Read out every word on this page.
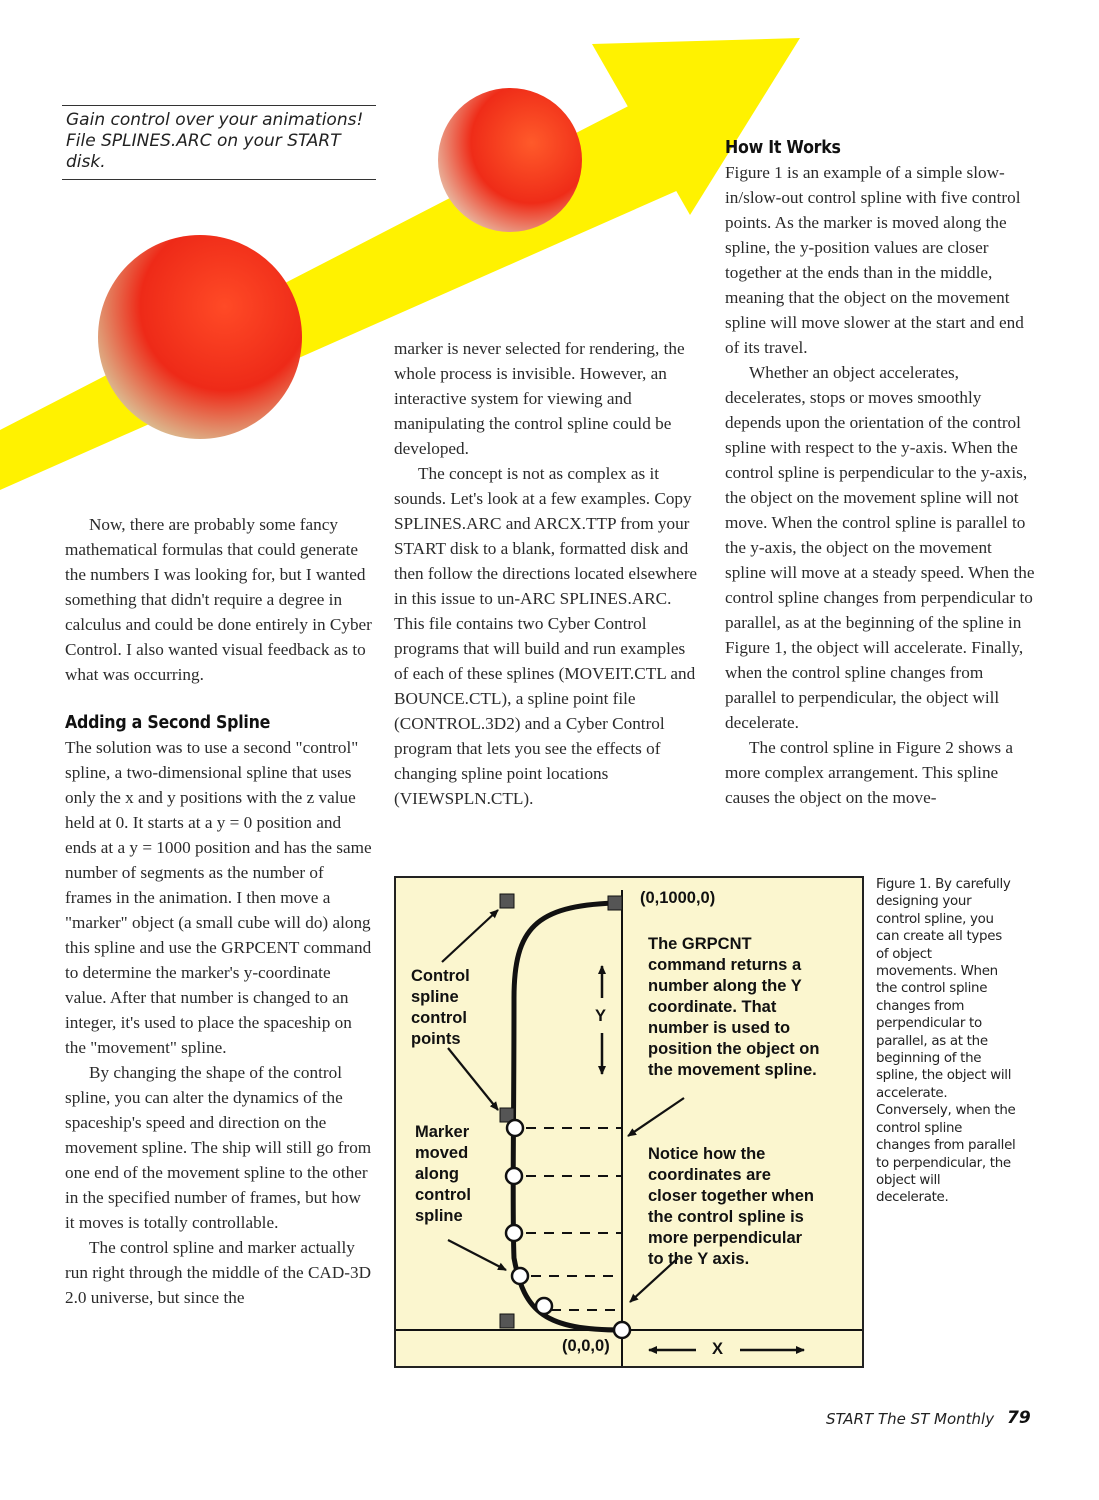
Gain control over your animations!

File SPLINES.ARC on your START

disk.

Now, there are probably some fancy mathematical formulas that could generate the numbers I was looking for, but I wanted something that didn't require a degree in calculus and could be done entirely in Cyber Control. I also wanted visual feedback as to what was occurring.

Adding a Second Spline

The solution was to use a second "control" spline, a two-dimensional spline that uses only the x and y positions with the z value held at 0. It starts at a y = 0 position and ends at a y = 1000 position and has the same number of segments as the number of frames in the animation. I then move a "marker" object (a small cube will do) along this spline and use the GRPCENT command to determine the marker's y-coordinate value. After that number is changed to an integer, it's used to place the spaceship on the "movement" spline.

By changing the shape of the control spline, you can alter the dynamics of the spaceship's speed and direction on the movement spline. The ship will still go from one end of the movement spline to the other in the specified number of frames, but how it moves is totally controllable.

The control spline and marker actually run right through the middle of the CAD-3D 2.0 universe, but since the

marker is never selected for rendering, the whole process is invisible. However, an interactive system for viewing and manipulating the control spline could be developed.

The concept is not as complex as it sounds. Let's look at a few examples. Copy SPLINES.ARC and ARCX.TTP from your START disk to a blank, formatted disk and then follow the directions located elsewhere in this issue to un-ARC SPLINES.ARC. This file contains two Cyber Control programs that will build and run examples of each of these splines (MOVEIT.CTL and BOUNCE.CTL), a spline point file (CONTROL.3D2) and a Cyber Control program that lets you see the effects of changing spline point locations (VIEWSPLN.CTL).

How It Works

Figure 1 is an example of a simple slow-in/slow-out control spline with five control points. As the marker is moved along the spline, the y-position values are closer together at the ends than in the middle, meaning that the object on the movement spline will move slower at the start and end of its travel.

Whether an object accelerates, decelerates, stops or moves smoothly depends upon the orientation of the control spline with respect to the y-axis. When the control spline is perpendicular to the y-axis, the object on the movement spline will not move. When the control spline is parallel to the y-axis, the object on the movement spline will move at a steady speed. When the control spline changes from perpendicular to parallel, as at the beginning of the spline in Figure 1, the object will accelerate. Finally, when the control spline changes from parallel to perpendicular, the object will decelerate.

The control spline in Figure 2 shows a more complex arrangement. This spline causes the object on the move-

(0,1000,0)
(0,0,0)
Y
X
Control spline control points
Marker moved along control spline
The GRPCNT command returns a number along the Y coordinate. That number is used to position the object on the movement spline.
Notice how the coordinates are closer together when the control spline is more perpendicular to the Y axis.
Figure 1. By carefully designing your control spline, you can create all types of object movements. When the control spline changes from perpendicular to parallel, as at the beginning of the spline, the object will accelerate. Conversely, when the control spline changes from parallel to perpendicular, the object will decelerate.
START The ST Monthly 79
